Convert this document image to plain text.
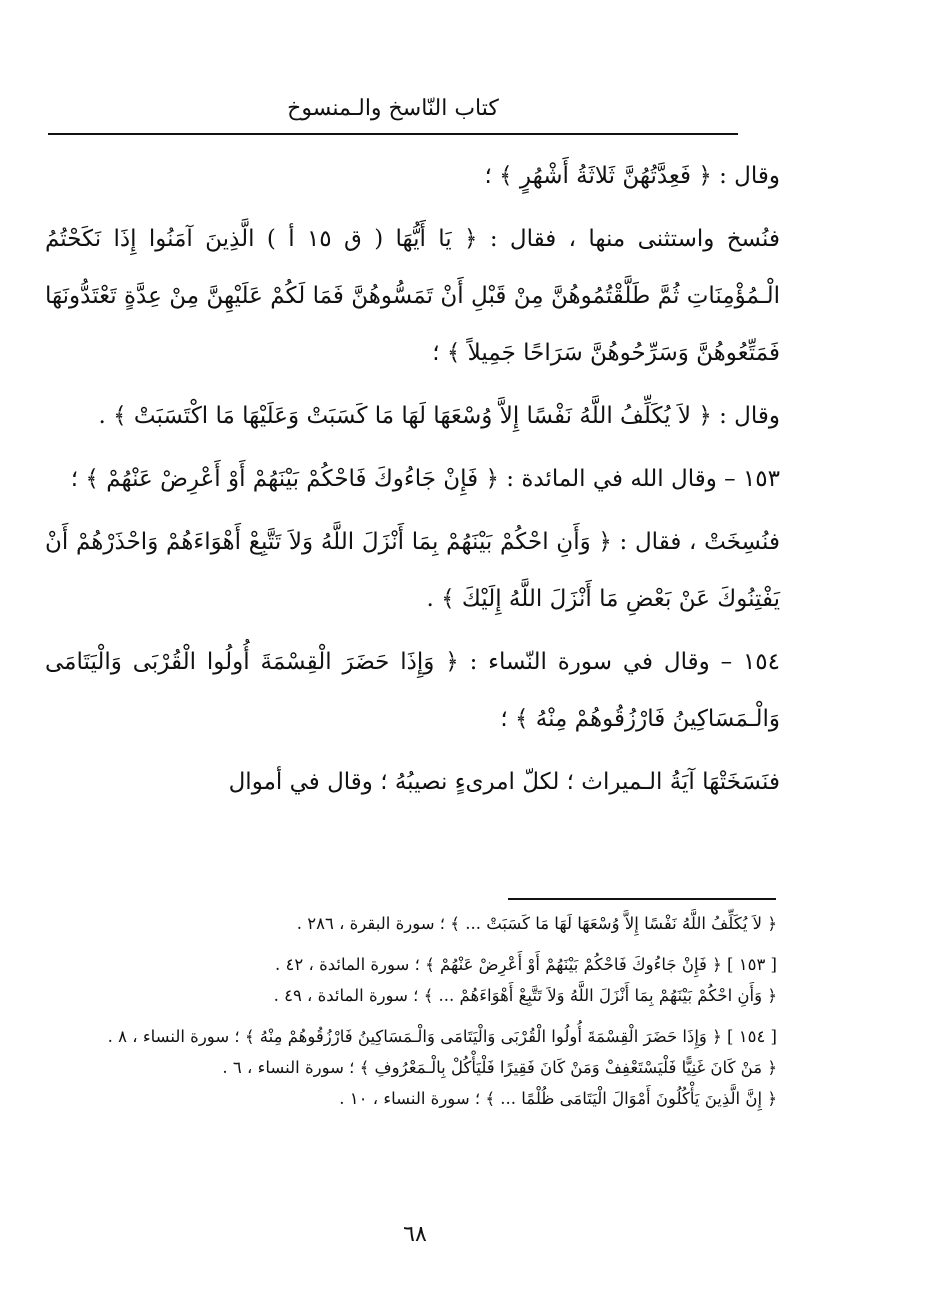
كتاب النّاسخ والـمنسوخ

وقال : ﴿ فَعِدَّتُهُنَّ ثَلاثَةُ أَشْهُرٍ ﴾ ؛

فنُسخ واستثنى منها ، فقال : ﴿ يَا أَيُّهَا ( ق ١٥ أ ) الَّذِينَ آمَنُوا إِذَا نَكَحْتُمُ الْـمُؤْمِنَاتِ ثُمَّ طَلَّقْتُمُوهُنَّ مِنْ قَبْلِ أَنْ تَمَسُّوهُنَّ فَمَا لَكُمْ عَلَيْهِنَّ مِنْ عِدَّةٍ تَعْتَدُّونَهَا فَمَتِّعُوهُنَّ وَسَرِّحُوهُنَّ سَرَاحًا جَمِيلاً ﴾ ؛

وقال : ﴿ لاَ يُكَلِّفُ اللَّهُ نَفْسًا إِلاَّ وُسْعَهَا لَهَا مَا كَسَبَتْ وَعَلَيْهَا مَا اكْتَسَبَتْ ﴾ .

١٥٣ – وقال الله في المائدة : ﴿ فَإِنْ جَاءُوكَ فَاحْكُمْ بَيْنَهُمْ أَوْ أَعْرِضْ عَنْهُمْ ﴾ ؛

فنُسِخَتْ ، فقال : ﴿ وَأَنِ احْكُمْ بَيْنَهُمْ بِمَا أَنْزَلَ اللَّهُ وَلاَ تَتَّبِعْ أَهْوَاءَهُمْ وَاحْذَرْهُمْ أَنْ يَفْتِنُوكَ عَنْ بَعْضِ مَا أَنْزَلَ اللَّهُ إِلَيْكَ ﴾ .

١٥٤ – وقال في سورة النّساء : ﴿ وَإِذَا حَضَرَ الْقِسْمَةَ أُولُوا الْقُرْبَى وَالْيَتَامَى وَالْـمَسَاكِينُ فَارْزُقُوهُمْ مِنْهُ ﴾ ؛

فنَسَخَتْهَا آيَةُ الـميراث ؛ لكلّ امرىءٍ نصيبُهُ ؛ وقال في أموال

﴿ لاَ يُكَلِّفُ اللَّهُ نَفْسًا إِلاَّ وُسْعَهَا لَهَا مَا كَسَبَتْ ... ﴾ ؛ سورة البقرة ، ٢٨٦ .

[ ١٥٣ ] ﴿ فَإِنْ جَاءُوكَ فَاحْكُمْ بَيْنَهُمْ أَوْ أَعْرِضْ عَنْهُمْ ﴾ ؛ سورة المائدة ، ٤٢ .

﴿ وَأَنِ احْكُمْ بَيْنَهُمْ بِمَا أَنْزَلَ اللَّهُ وَلاَ تَتَّبِعْ أَهْوَاءَهُمْ ... ﴾ ؛ سورة المائدة ، ٤٩ .

[ ١٥٤ ] ﴿ وَإِذَا حَضَرَ الْقِسْمَةَ أُولُوا الْقُرْبَى وَالْيَتَامَى وَالْـمَسَاكِينُ فَارْزُقُوهُمْ مِنْهُ ﴾ ؛ سورة النساء ، ٨ .

﴿ مَنْ كَانَ غَنِيًّا فَلْيَسْتَعْفِفْ وَمَنْ كَانَ فَقِيرًا فَلْيَأْكُلْ بِالْـمَعْرُوفِ ﴾ ؛ سورة النساء ، ٦ .

﴿ إِنَّ الَّذِينَ يَأْكُلُونَ أَمْوَالَ الْيَتَامَى ظُلْمًا ... ﴾ ؛ سورة النساء ، ١٠ .

٦٨
